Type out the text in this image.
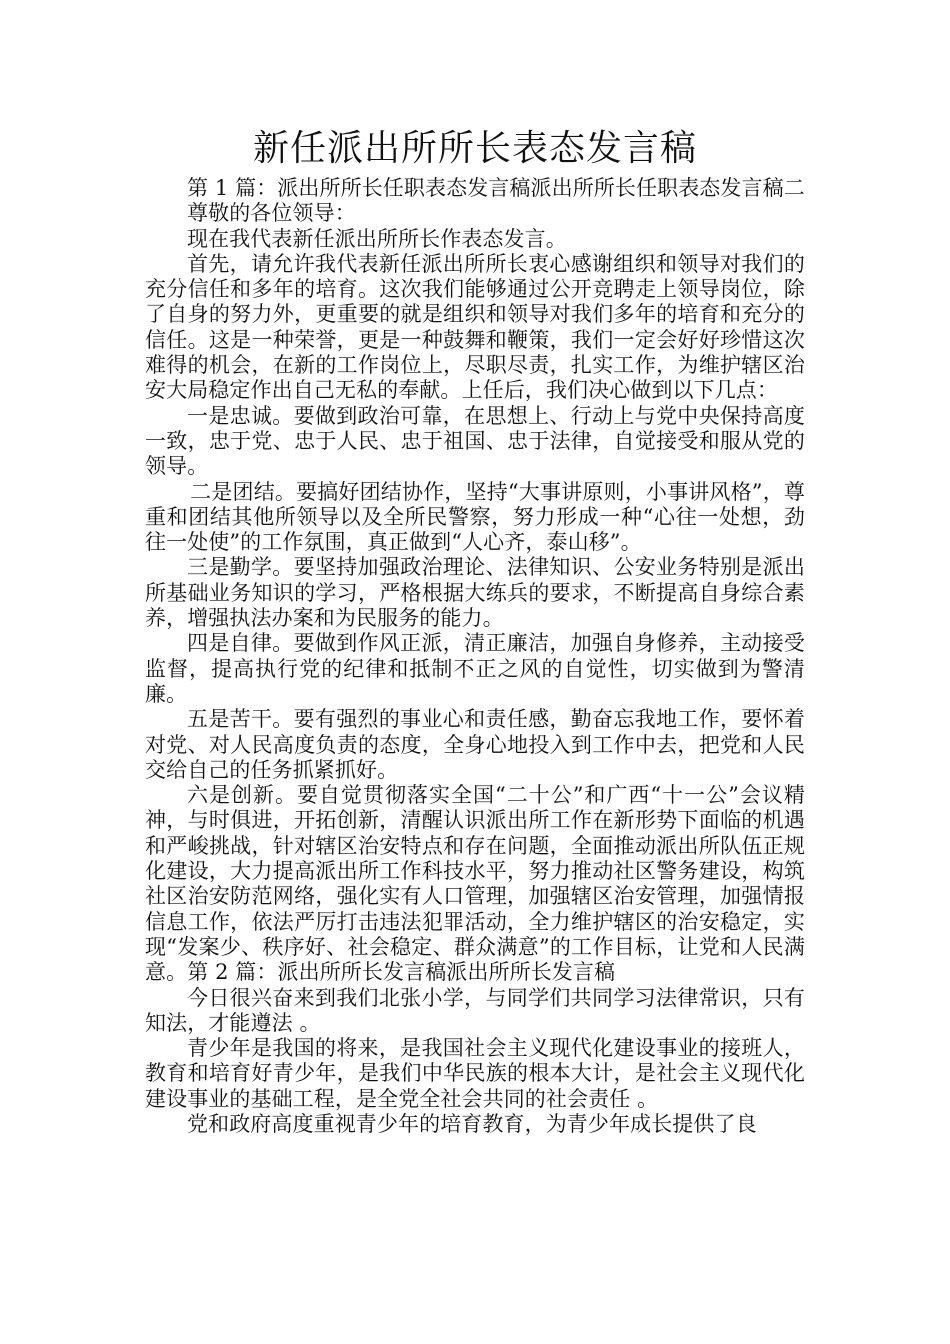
新任派出所所长表态发言稿

第 1 篇：派出所所长任职表态发言稿派出所所长任职表态发言稿二

尊敬的各位领导：

现在我代表新任派出所所长作表态发言。

首先，请允许我代表新任派出所所长衷心感谢组织和领导对我们的充分信任和多年的培育。这次我们能够通过公开竞聘走上领导岗位，除了自身的努力外，更重要的就是组织和领导对我们多年的培育和充分的信任。这是一种荣誉，更是一种鼓舞和鞭策，我们一定会好好珍惜这次难得的机会，在新的工作岗位上，尽职尽责，扎实工作，为维护辖区治安大局稳定作出自己无私的奉献。上任后，我们决心做到以下几点：

一是忠诚。要做到政治可靠，在思想上、行动上与党中央保持高度一致，忠于党、忠于人民、忠于祖国、忠于法律，自觉接受和服从党的领导。

二是团结。要搞好团结协作，坚持“大事讲原则，小事讲风格”，尊重和团结其他所领导以及全所民警察，努力形成一种“心往一处想，劲往一处使”的工作氛围，真正做到“人心齐，泰山移”。

三是勤学。要坚持加强政治理论、法律知识、公安业务特别是派出所基础业务知识的学习，严格根据大练兵的要求，不断提高自身综合素养，增强执法办案和为民服务的能力。

四是自律。要做到作风正派，清正廉洁，加强自身修养，主动接受监督，提高执行党的纪律和抵制不正之风的自觉性，切实做到为警清廉。

五是苦干。要有强烈的事业心和责任感，勤奋忘我地工作，要怀着对党、对人民高度负责的态度，全身心地投入到工作中去，把党和人民交给自己的任务抓紧抓好。

六是创新。要自觉贯彻落实全国“二十公”和广西“十一公”会议精神，与时俱进，开拓创新，清醒认识派出所工作在新形势下面临的机遇和严峻挑战，针对辖区治安特点和存在问题，全面推动派出所队伍正规化建设，大力提高派出所工作科技水平，努力推动社区警务建设，构筑社区治安防范网络，强化实有人口管理，加强辖区治安管理，加强情报信息工作，依法严厉打击违法犯罪活动，全力维护辖区的治安稳定，实现“发案少、秩序好、社会稳定、群众满意”的工作目标，让党和人民满意。第 2 篇：派出所所长发言稿派出所所长发言稿

今日很兴奋来到我们北张小学，与同学们共同学习法律常识，只有知法，才能遵法 。

青少年是我国的将来，是我国社会主义现代化建设事业的接班人，教育和培育好青少年，是我们中华民族的根本大计，是社会主义现代化建设事业的基础工程，是全党全社会共同的社会责任 。

党和政府高度重视青少年的培育教育，为青少年成长提供了良
